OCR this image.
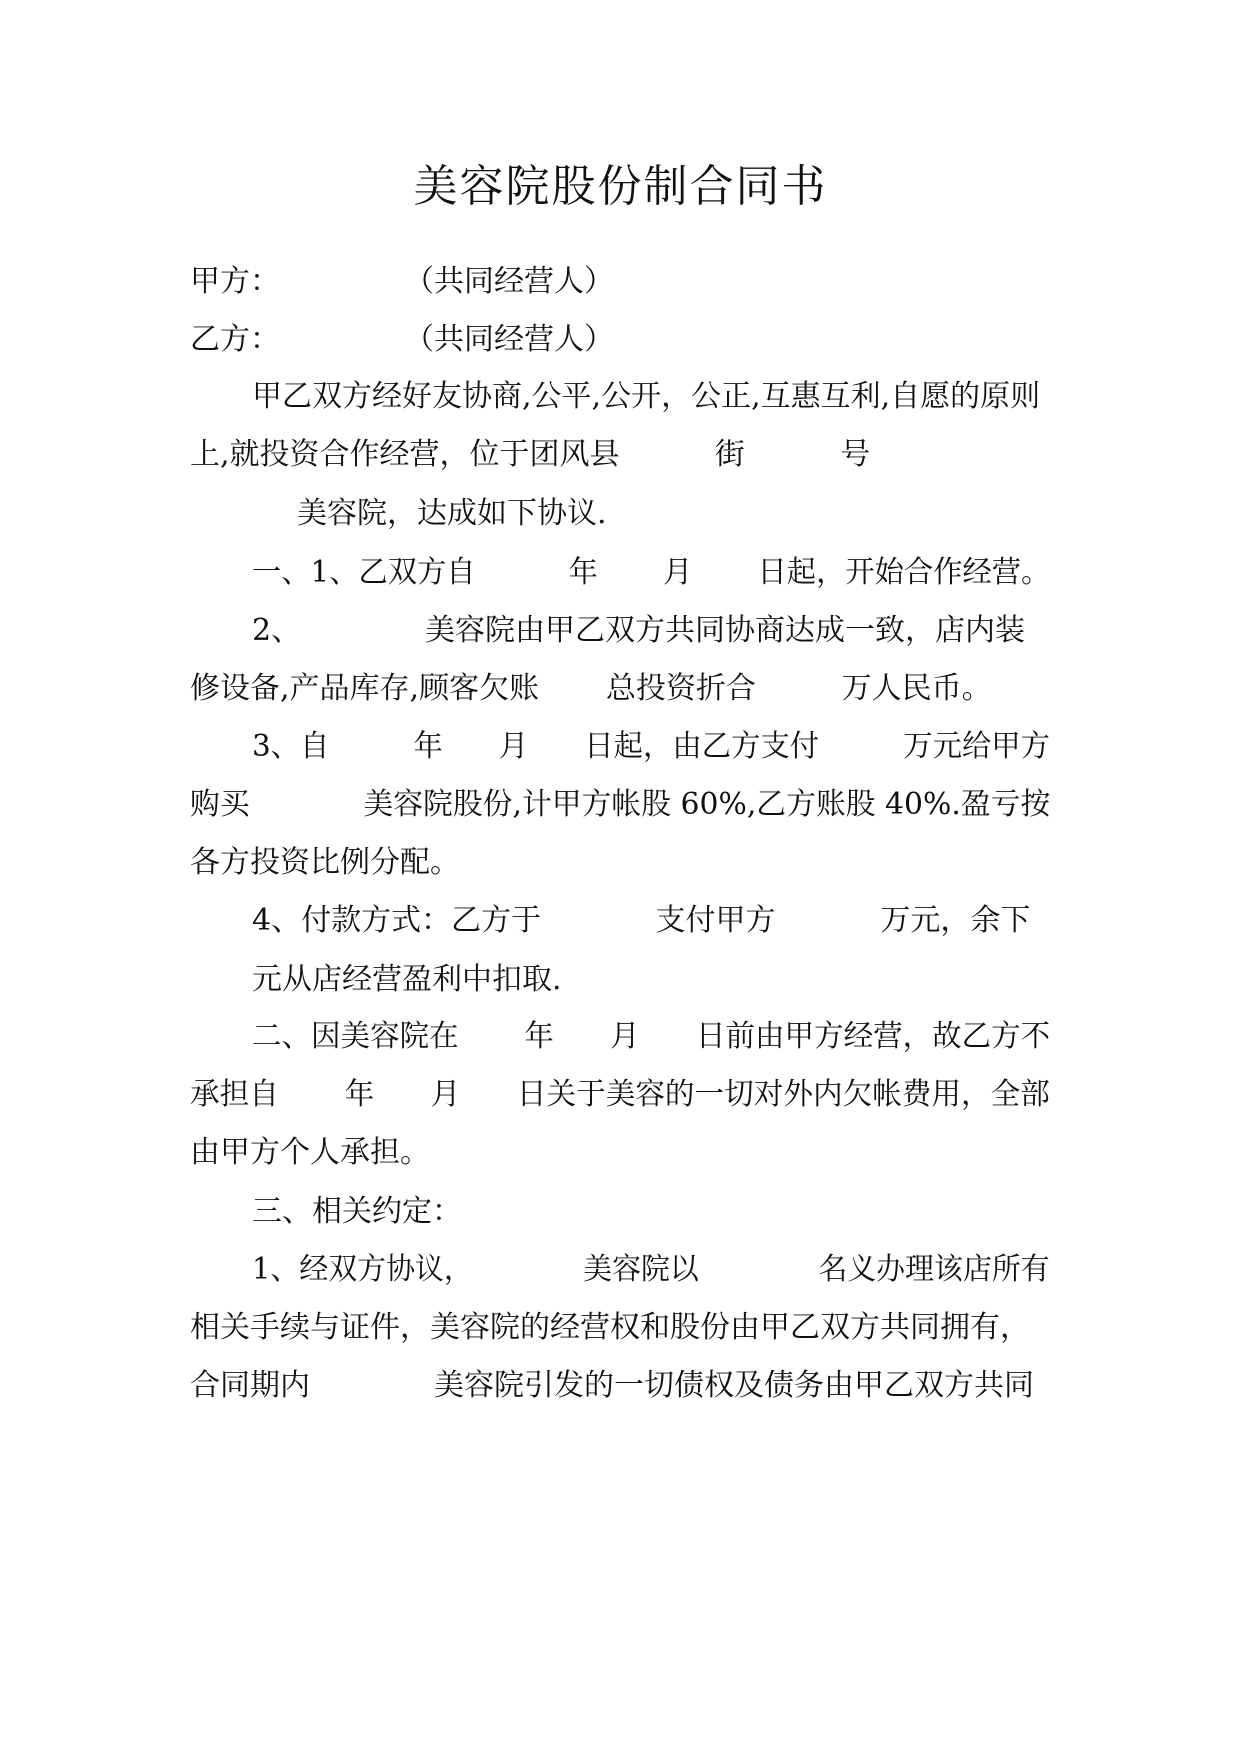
美容院股份制合同书
甲方：             （共同经营人）
乙方：             （共同经营人）
甲乙双方经好友协商,公平,公开，公正,互惠互利,自愿的原则
上,就投资合作经营，位于团风县          街          号
美容院，达成如下协议.
一、1、乙双方自          年       月       日起，开始合作经营。
2、             美容院由甲乙双方共同协商达成一致，店内装
修设备,产品库存,顾客欠账       总投资折合         万人民币。
3、自         年      月      日起，由乙方支付         万元给甲方
购买            美容院股份,计甲方帐股 60%,乙方账股 40%.盈亏按
各方投资比例分配。
4、付款方式：乙方于            支付甲方           万元，余下
元从店经营盈利中扣取.
二、因美容院在       年      月      日前由甲方经营，故乙方不
承担自       年      月      日关于美容的一切对外内欠帐费用，全部
由甲方个人承担。
三、相关约定：
1、经双方协议，            美容院以             名义办理该店所有
相关手续与证件，美容院的经营权和股份由甲乙双方共同拥有，
合同期内             美容院引发的一切债权及债务由甲乙双方共同
